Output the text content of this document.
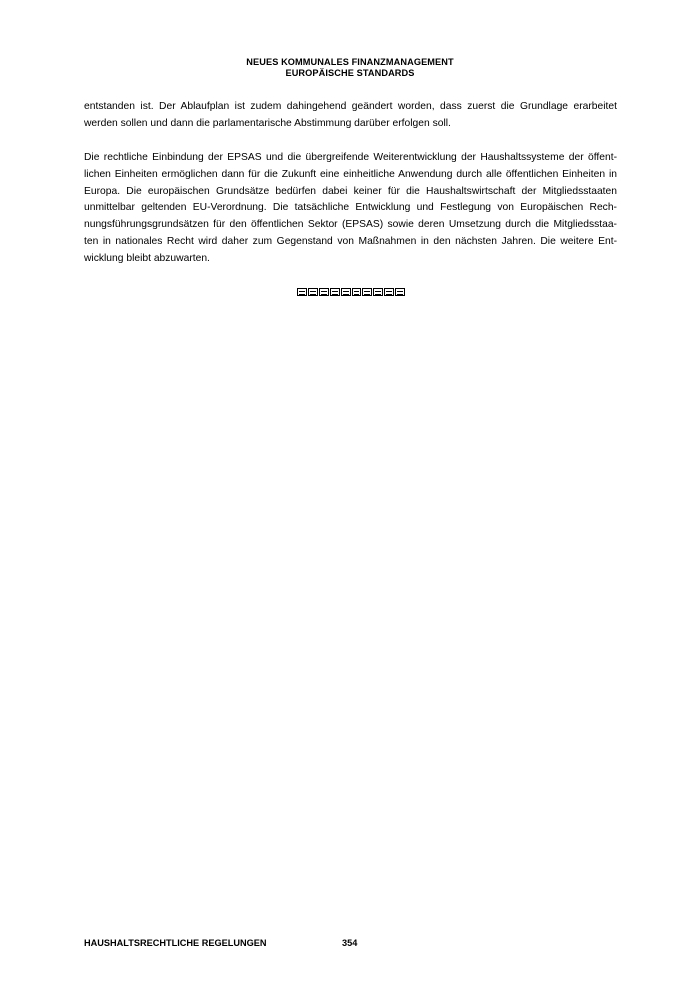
NEUES KOMMUNALES FINANZMANAGEMENT
EUROPÄISCHE STANDARDS

entstanden ist. Der Ablaufplan ist zudem dahingehend geändert worden, dass zuerst die Grundlage erarbeitet werden sollen und dann die parlamentarische Abstimmung darüber erfolgen soll.

Die rechtliche Einbindung der EPSAS und die übergreifende Weiterentwicklung der Haushaltssysteme der öffent- lichen Einheiten ermöglichen dann für die Zukunft eine einheitliche Anwendung durch alle öffentlichen Einheiten in Europa. Die europäischen Grundsätze bedürfen dabei keiner für die Haushaltswirtschaft der Mitgliedsstaaten unmittelbar geltenden EU-Verordnung. Die tatsächliche Entwicklung und Festlegung von Europäischen Rech- nungsführungsgrundsätzen für den öffentlichen Sektor (EPSAS) sowie deren Umsetzung durch die Mitgliedsstaa- ten in nationales Recht wird daher zum Gegenstand von Maßnahmen in den nächsten Jahren. Die weitere Ent- wicklung bleibt abzuwarten.

HAUSHALTSRECHTLICHE REGELUNGEN	354
